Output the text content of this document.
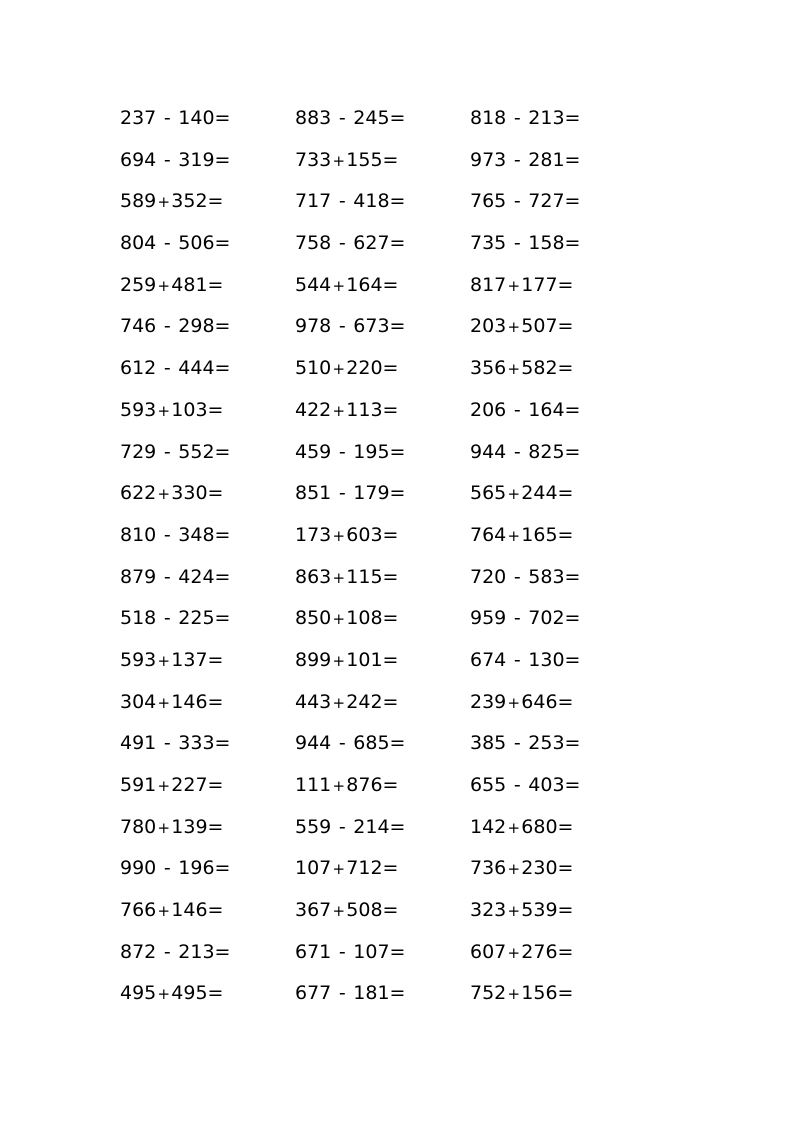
237 - 140 =	883 - 245 =	818 - 213 =
694 - 319 =	733 + 155 =	973 - 281 =
589 + 352 =	717 - 418 =	765 - 727 =
804 - 506 =	758 - 627 =	735 - 158 =
259 + 481 =	544 + 164 =	817 + 177 =
746 - 298 =	978 - 673 =	203 + 507 =
612 - 444 =	510 + 220 =	356 + 582 =
593 + 103 =	422 + 113 =	206 - 164 =
729 - 552 =	459 - 195 =	944 - 825 =
622 + 330 =	851 - 179 =	565 + 244 =
810 - 348 =	173 + 603 =	764 + 165 =
879 - 424 =	863 + 115 =	720 - 583 =
518 - 225 =	850 + 108 =	959 - 702 =
593 + 137 =	899 + 101 =	674 - 130 =
304 + 146 =	443 + 242 =	239 + 646 =
491 - 333 =	944 - 685 =	385 - 253 =
591 + 227 =	111 + 876 =	655 - 403 =
780 + 139 =	559 - 214 =	142 + 680 =
990 - 196 =	107 + 712 =	736 + 230 =
766 + 146 =	367 + 508 =	323 + 539 =
872 - 213 =	671 - 107 =	607 + 276 =
495 + 495 =	677 - 181 =	752 + 156 =
